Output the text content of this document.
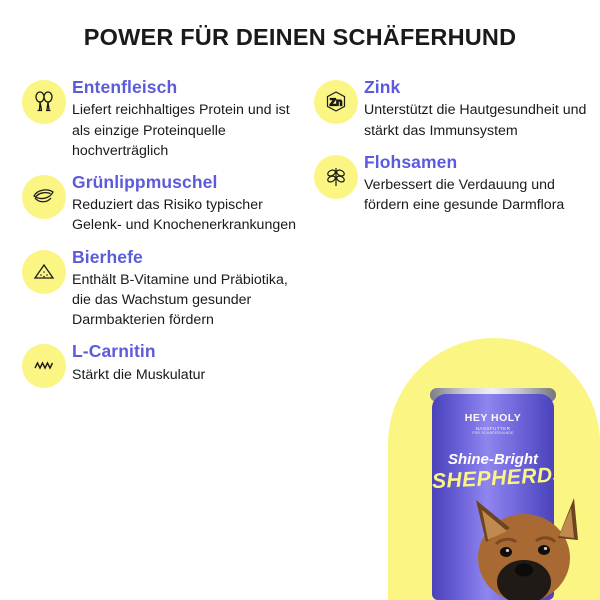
POWER FÜR DEINEN SCHÄFERHUND
Entenfleisch
Liefert reichhaltiges Protein und ist als einzige Proteinquelle hochverträglich
Grünlippmuschel
Reduziert das Risiko typischer Gelenk- und Knochenerkrankungen
Bierhefe
Enthält B-Vitamine und Präbiotika, die das Wachstum gesunder Darmbakterien fördern
L-Carnitin
Stärkt die Muskulatur
Zn
Zink
Unterstützt die Hautgesundheit und stärkt das Immunsystem
Flohsamen
Verbessert die Verdauung und fördern eine gesunde Darmflora
HEY HOLY
NASSFUTTER
FÜR SCHÄFERHUNDE
Shine-Bright
SHEPHERDS
